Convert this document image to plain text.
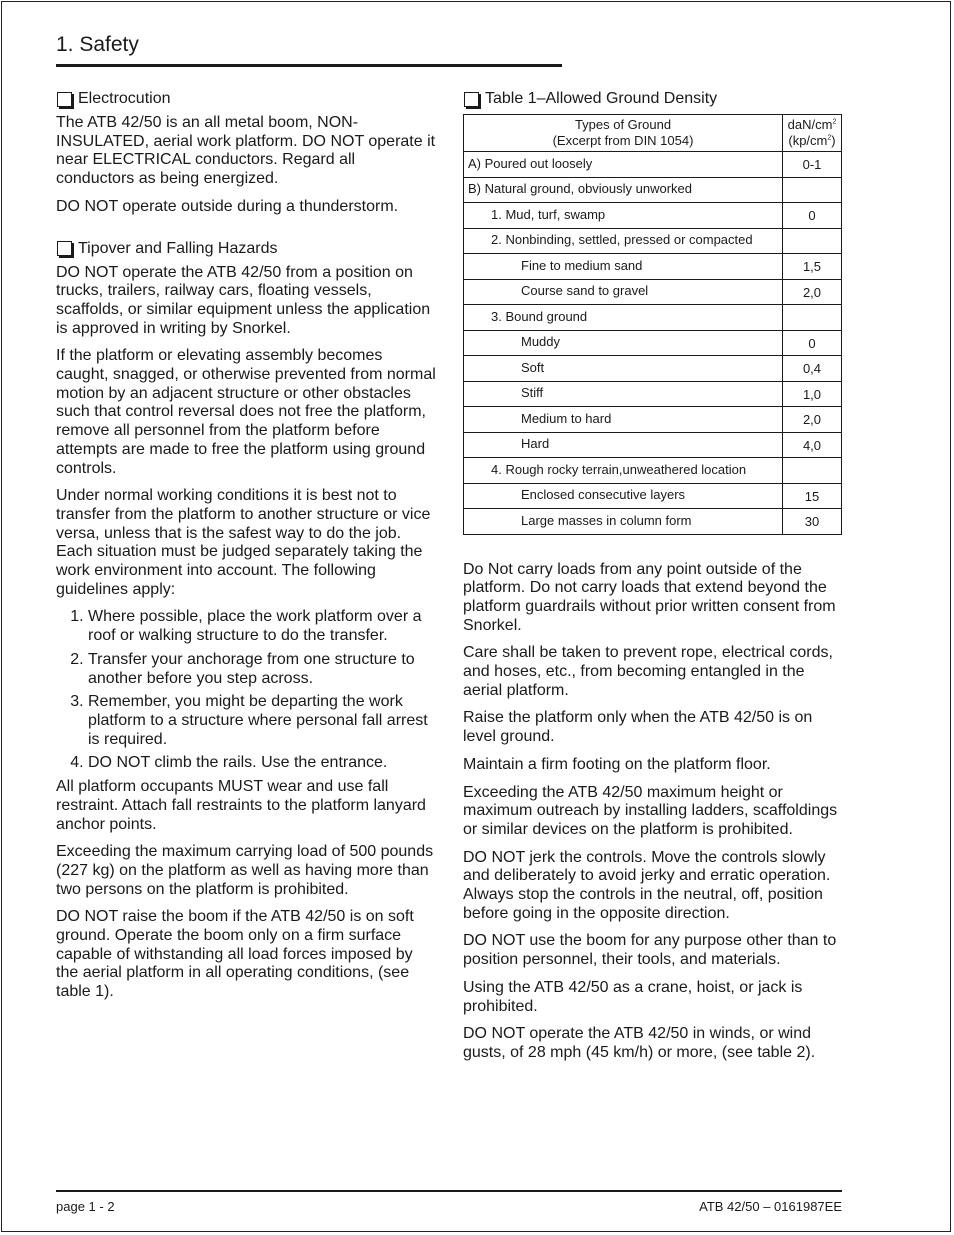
1. Safety
Electrocution

The ATB 42/50 is an all metal boom, NON-INSULATED, aerial work platform. DO NOT operate it near ELECTRICAL conductors. Regard all conductors as being energized.

DO NOT operate outside during a thunderstorm.

Tipover and Falling Hazards

DO NOT operate the ATB 42/50 from a position on trucks, trailers, railway cars, floating vessels, scaffolds, or similar equipment unless the application is approved in writing by Snorkel.

If the platform or elevating assembly becomes caught, snagged, or otherwise prevented from normal motion by an adjacent structure or other obstacles such that control reversal does not free the platform, remove all personnel from the platform before attempts are made to free the platform using ground controls.

Under normal working conditions it is best not to transfer from the platform to another structure or vice versa, unless that is the safest way to do the job. Each situation must be judged separately taking the work environment into account. The following guidelines apply:

1. Where possible, place the work platform over a roof or walking structure to do the transfer.
2. Transfer your anchorage from one structure to another before you step across.
3. Remember, you might be departing the work platform to a structure where personal fall arrest is required.
4. DO NOT climb the rails. Use the entrance.

All platform occupants MUST wear and use fall restraint. Attach fall restraints to the platform lanyard anchor points.

Exceeding the maximum carrying load of 500 pounds (227 kg) on the platform as well as having more than two persons on the platform is prohibited.

DO NOT raise the boom if the ATB 42/50 is on soft ground. Operate the boom only on a firm surface capable of withstanding all load forces imposed by the aerial platform in all operating conditions, (see table 1).

Table 1–Allowed Ground Density
Types of Ground
(Excerpt from DIN 1054)	daN/$cm^2$
$(kp/cm^2)$
A) Poured out loosely	0-1
B) Natural ground, obviously unworked	
1. Mud, turf, swamp	0
2. Nonbinding, settled, pressed or compacted	
Fine to medium sand	1,5
Course sand to gravel	2,0
3. Bound ground	
Muddy	0
Soft	0,4
Stiff	1,0
Medium to hard	2,0
Hard	4,0
4. Rough rocky terrain,unweathered location	
Enclosed consecutive layers	15
Large masses in column form	30

Do Not carry loads from any point outside of the platform. Do not carry loads that extend beyond the platform guardrails without prior written consent from Snorkel.

Care shall be taken to prevent rope, electrical cords, and hoses, etc., from becoming entangled in the aerial platform.

Raise the platform only when the ATB 42/50 is on level ground.

Maintain a firm footing on the platform floor.

Exceeding the ATB 42/50 maximum height or maximum outreach by installing ladders, scaffoldings or similar devices on the platform is prohibited.

DO NOT jerk the controls. Move the controls slowly and deliberately to avoid jerky and erratic operation. Always stop the controls in the neutral, off, position before going in the opposite direction.

DO NOT use the boom for any purpose other than to position personnel, their tools, and materials.

Using the ATB 42/50 as a crane, hoist, or jack is prohibited.

DO NOT operate the ATB 42/50 in winds, or wind gusts, of 28 mph (45 km/h) or more, (see table 2).

page 1 - 2	ATB 42/50 – 0161987EE
